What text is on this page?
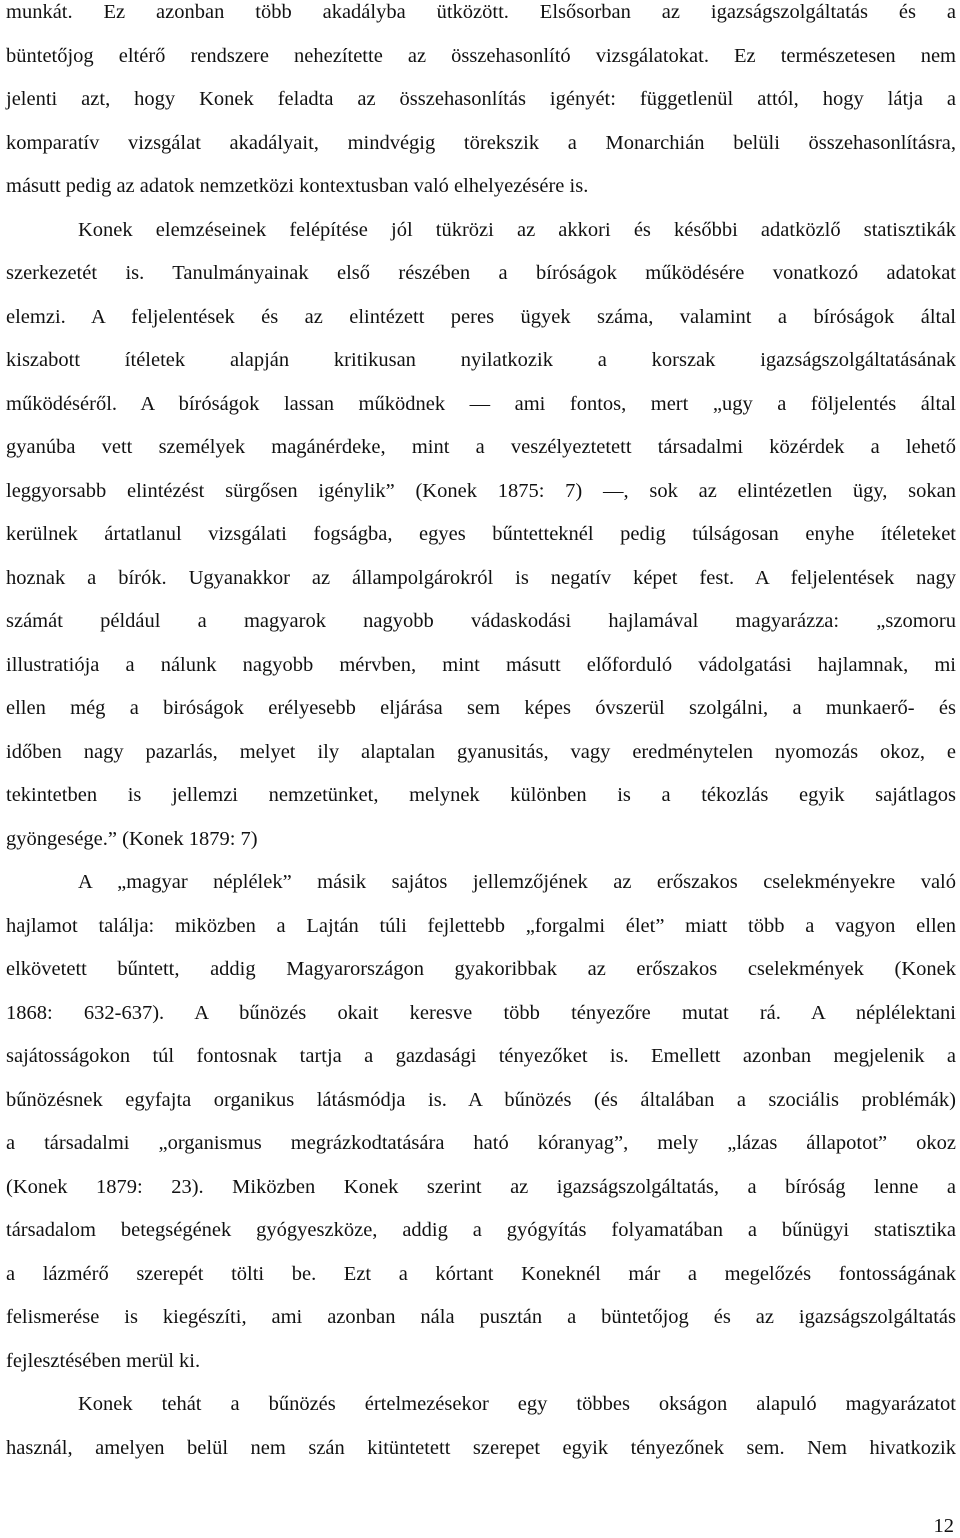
munkát. Ez azonban több akadályba ütközött. Elsősorban az igazságszolgáltatás és a
büntetőjog eltérő rendszere nehezítette az összehasonlító vizsgálatokat. Ez természetesen nem
jelenti azt, hogy Konek feladta az összehasonlítás igényét: függetlenül attól, hogy látja a
komparatív vizsgálat akadályait, mindvégig törekszik a Monarchián belüli összehasonlításra,
másutt pedig az adatok nemzetközi kontextusban való elhelyezésére is.
Konek elemzéseinek felépítése jól tükrözi az akkori és későbbi adatközlő statisztikák
szerkezetét is. Tanulmányainak első részében a bíróságok működésére vonatkozó adatokat
elemzi. A feljelentések és az elintézett peres ügyek száma, valamint a bíróságok által
kiszabott ítéletek alapján kritikusan nyilatkozik a korszak igazságszolgáltatásának
működéséről. A bíróságok lassan működnek — ami fontos, mert „ugy a följelentés által
gyanúba vett személyek magánérdeke, mint a veszélyeztetett társadalmi közérdek a lehető
leggyorsabb elintézést sürgősen igénylik” (Konek 1875: 7) —, sok az elintézetlen ügy, sokan
kerülnek ártatlanul vizsgálati fogságba, egyes bűntetteknél pedig túlságosan enyhe ítéleteket
hoznak a bírók. Ugyanakkor az állampolgárokról is negatív képet fest. A feljelentések nagy
számát például a magyarok nagyobb vádaskodási hajlamával magyarázza: „szomoru
illustratiója a nálunk nagyobb mérvben, mint másutt előforduló vádolgatási hajlamnak, mi
ellen még a biróságok erélyesebb eljárása sem képes óvszerül szolgálni, a munkaerő- és
időben nagy pazarlás, melyet ily alaptalan gyanusitás, vagy eredménytelen nyomozás okoz, e
tekintetben is jellemzi nemzetünket, melynek különben is a tékozlás egyik sajátlagos
gyöngesége.” (Konek 1879: 7)
A „magyar néplélek” másik sajátos jellemzőjének az erőszakos cselekményekre való
hajlamot találja: miközben a Lajtán túli fejlettebb „forgalmi élet” miatt több a vagyon ellen
elkövetett bűntett, addig Magyarországon gyakoribbak az erőszakos cselekmények (Konek
1868: 632-637). A bűnözés okait keresve több tényezőre mutat rá. A néplélektani
sajátosságokon túl fontosnak tartja a gazdasági tényezőket is. Emellett azonban megjelenik a
bűnözésnek egyfajta organikus látásmódja is. A bűnözés (és általában a szociális problémák)
a társadalmi „organismus megrázkodtatására ható kóranyag”, mely „lázas állapotot” okoz
(Konek 1879: 23). Miközben Konek szerint az igazságszolgáltatás, a bíróság lenne a
társadalom betegségének gyógyeszköze, addig a gyógyítás folyamatában a bűnügyi statisztika
a lázmérő szerepét tölti be. Ezt a kórtant Koneknél már a megelőzés fontosságának
felismerése is kiegészíti, ami azonban nála pusztán a büntetőjog és az igazságszolgáltatás
fejlesztésében merül ki.
Konek tehát a bűnözés értelmezésekor egy többes okságon alapuló magyarázatot
használ, amelyen belül nem szán kitüntetett szerepet egyik tényezőnek sem. Nem hivatkozik
12
